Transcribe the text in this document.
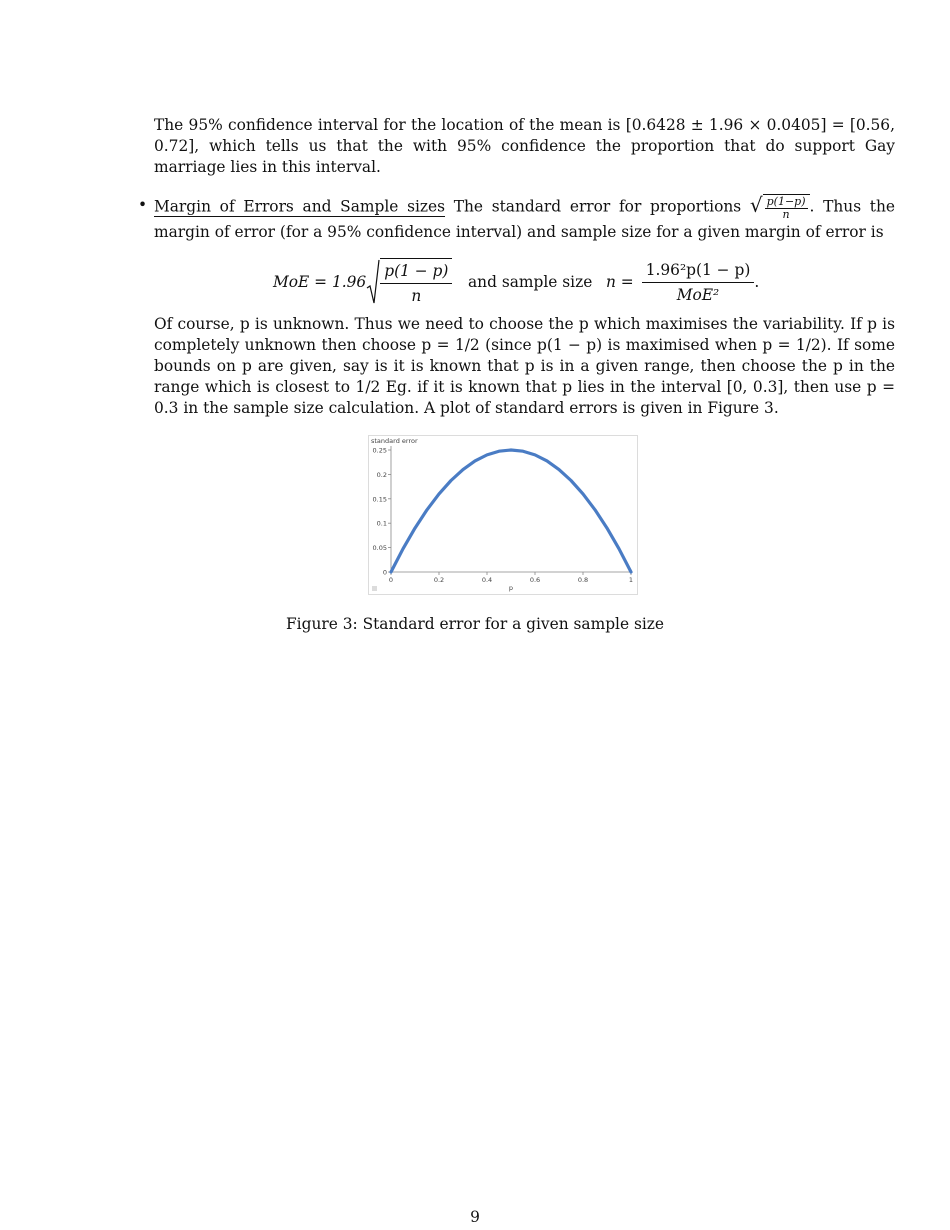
The 95% confidence interval for the location of the mean is [0.6428 ± 1.96 × 0.0405] = [0.56, 0.72], which tells us that the with 95% confidence the proportion that do support Gay marriage lies in this interval.

• Margin of Errors and Sample sizes The standard error for proportions √ $\frac{p(1-p)}{n}$ . Thus the margin of error (for a 95% confidence interval) and sample size for a given margin of error is
MoE = $1.96 \frac{p(1 - p)}{n}$ and sample size $n = \frac{\text{1.96²p(1 − p)}}{\text{MoE²}}$ .

Of course, p is unknown. Thus we need to choose the p which maximises the variability. If p is completely unknown then choose p = 1/2 (since p(1 − p) is maximised when p = 1/2). If some bounds on p are given, say is it is known that p is in a given range, then choose the p in the range which is closest to 1/2 Eg. if it is known that p lies in the interval [0, 0.3], then use p = 0.3 in the sample size calculation. A plot of standard errors is given in Figure 3.

0
0.05
0.1
0.15
0.2
0.25
0	0.2	0.4	0.6	0.8	1
standard error
p
Figure 3: Standard error for a given sample size
9
